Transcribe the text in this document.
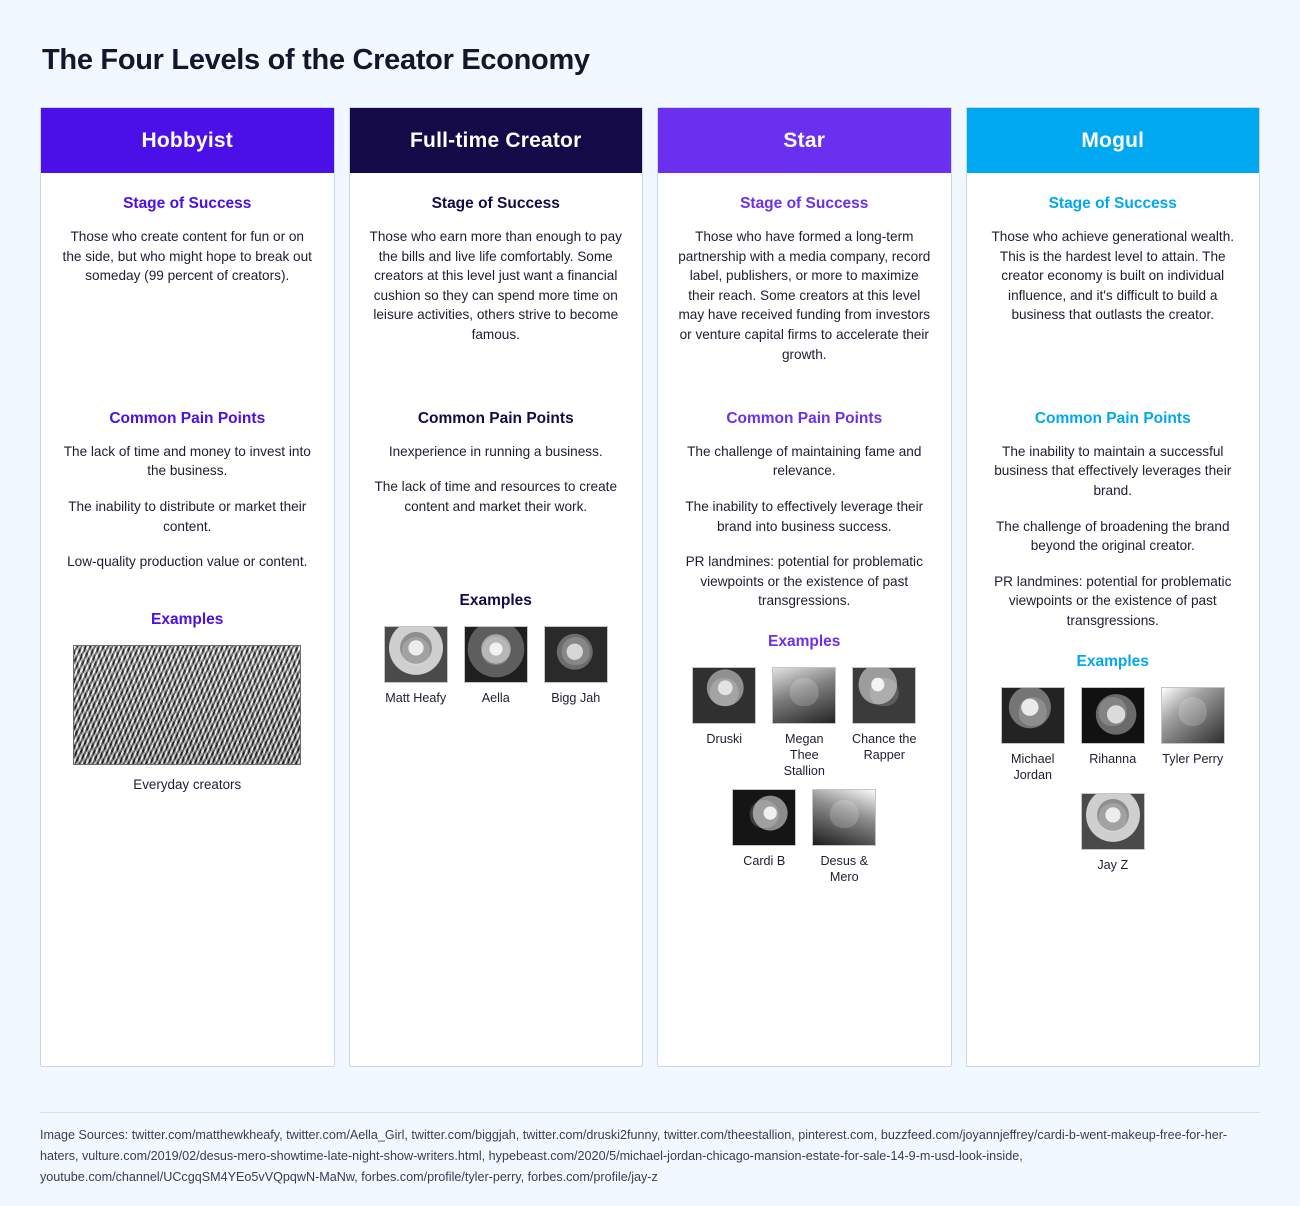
The Four Levels of the Creator Economy
Hobbyist
Stage of Success

Those who create content for fun or on the side, but who might hope to break out someday (99 percent of creators).

Common Pain Points

The lack of time and money to invest into the business.

The inability to distribute or market their content.

Low-quality production value or content.

Examples
Everyday creators
Full-time Creator
Stage of Success

Those who earn more than enough to pay the bills and live life comfortably. Some creators at this level just want a financial cushion so they can spend more time on leisure activities, others strive to become famous.

Common Pain Points

Inexperience in running a business.

The lack of time and resources to create content and market their work.

Examples
Matt Heafy	Aella	Bigg Jah
Star
Stage of Success

Those who have formed a long-term partnership with a media company, record label, publishers, or more to maximize their reach. Some creators at this level may have received funding from investors or venture capital firms to accelerate their growth.

Common Pain Points

The challenge of maintaining fame and relevance.

The inability to effectively leverage their brand into business success.

PR landmines: potential for problematic viewpoints or the existence of past transgressions.

Examples
Druski	Megan Thee Stallion
Chance the Rapper
Cardi B	Desus & Mero
Mogul
Stage of Success

Those who achieve generational wealth. This is the hardest level to attain. The creator economy is built on individual influence, and it's difficult to build a business that outlasts the creator.

Common Pain Points

The inability to maintain a successful business that effectively leverages their brand.

The challenge of broadening the brand beyond the original creator.

PR landmines: potential for problematic viewpoints or the existence of past transgressions.

Examples
Michael Jordan
Rihanna Tyler Perry
Jay Z
Image Sources: twitter.com/matthewkheafy, twitter.com/Aella_Girl, twitter.com/biggjah, twitter.com/druski2funny, twitter.com/theestallion, pinterest.com, buzzfeed.com/joyannjeffrey/cardi-b-went-makeup-free-for-her-haters, vulture.com/2019/02/desus-mero-showtime-late-night-show-writers.html, hypebeast.com/2020/5/michael-jordan-chicago-mansion-estate-for-sale-14-9-m-usd-look-inside, youtube.com/channel/UCcgqSM4YEo5vVQpqwN-MaNw, forbes.com/profile/tyler-perry, forbes.com/profile/jay-z
